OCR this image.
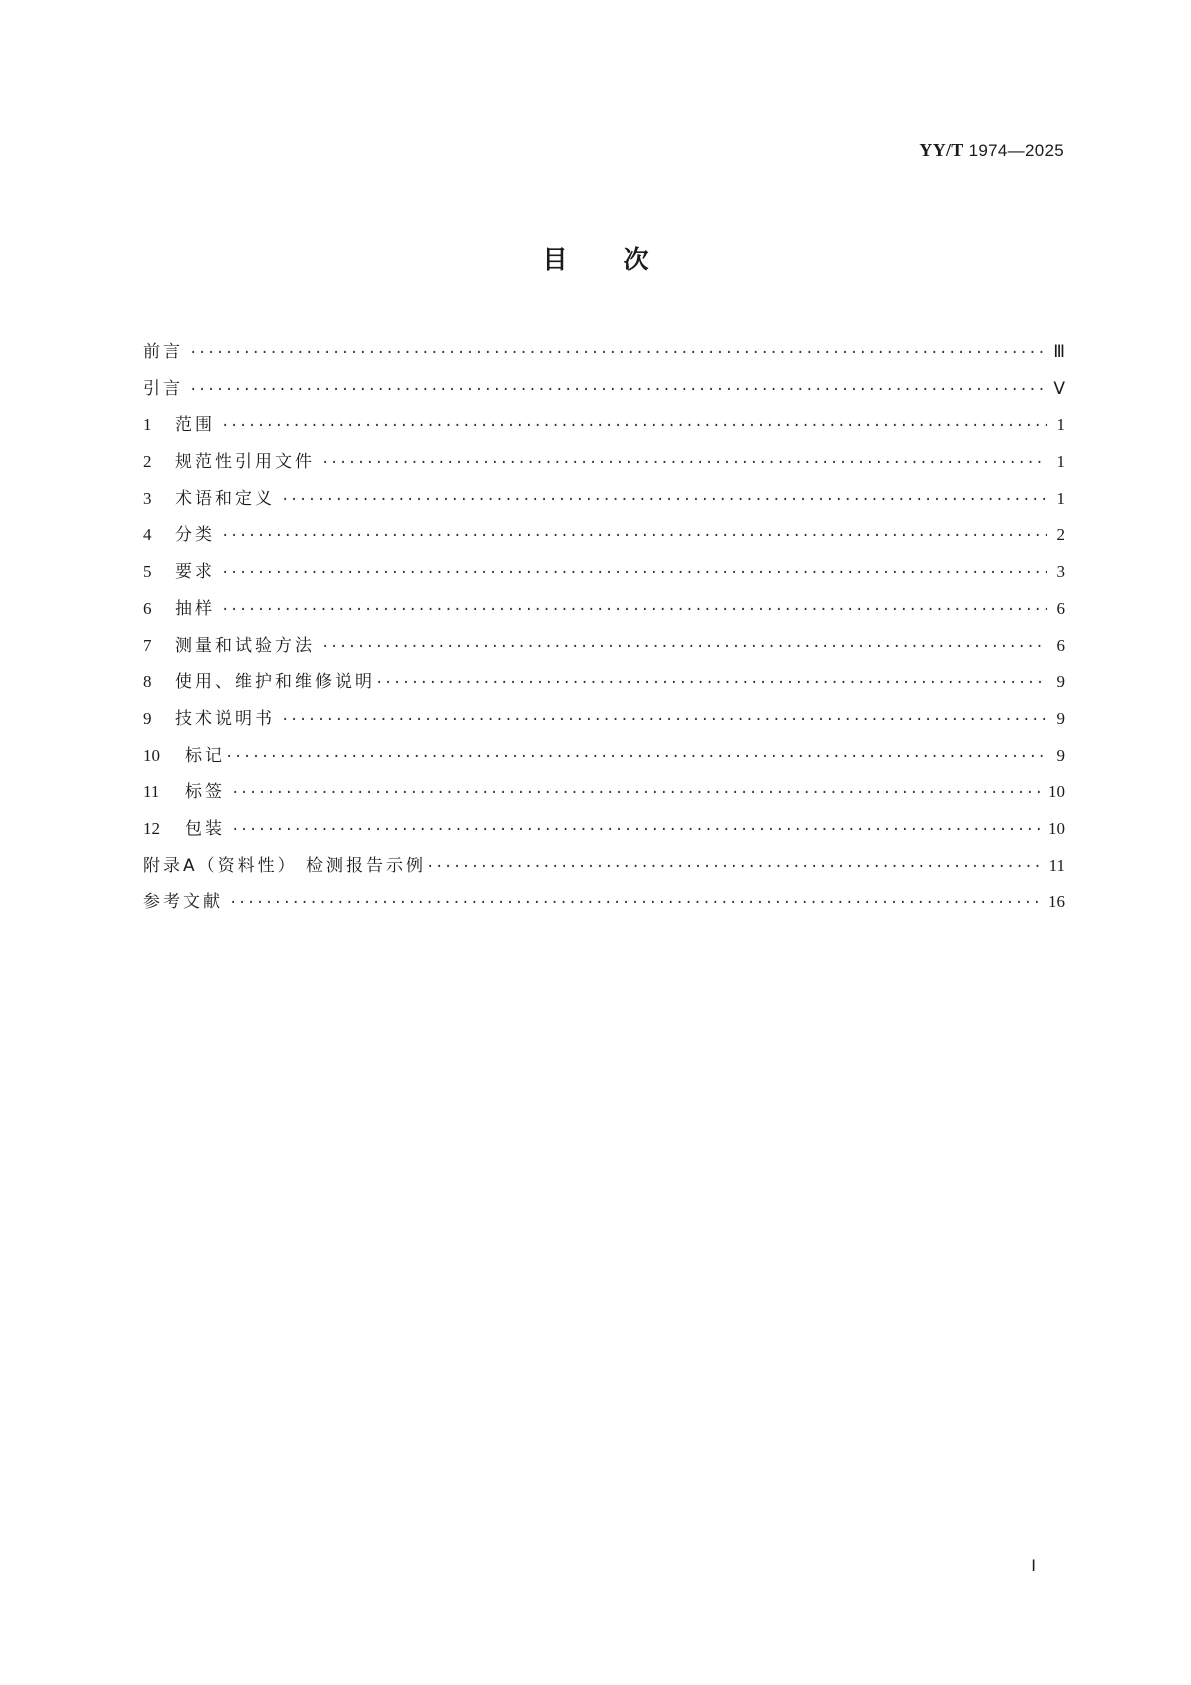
YY/T 1974—2025
目次
前言 ·····	Ⅲ
引言 ·····	Ⅴ
1	范围 ·····	1
2	规范性引用文件 ·····	1
3	术语和定义 ·····	1
4	分类 ·····	2
5	要求 ·····	3
6	抽样 ·····	6
7	测量和试验方法 ·····	6
8	使用、维护和维修说明 ·····	9
9	技术说明书 ·····	9
10	标记 ·····	9
11	标签 ·····	10
12	包装 ·····	10
附录A（资料性） 检测报告示例 ·····	11
参考文献 ·····	16
Ⅰ
